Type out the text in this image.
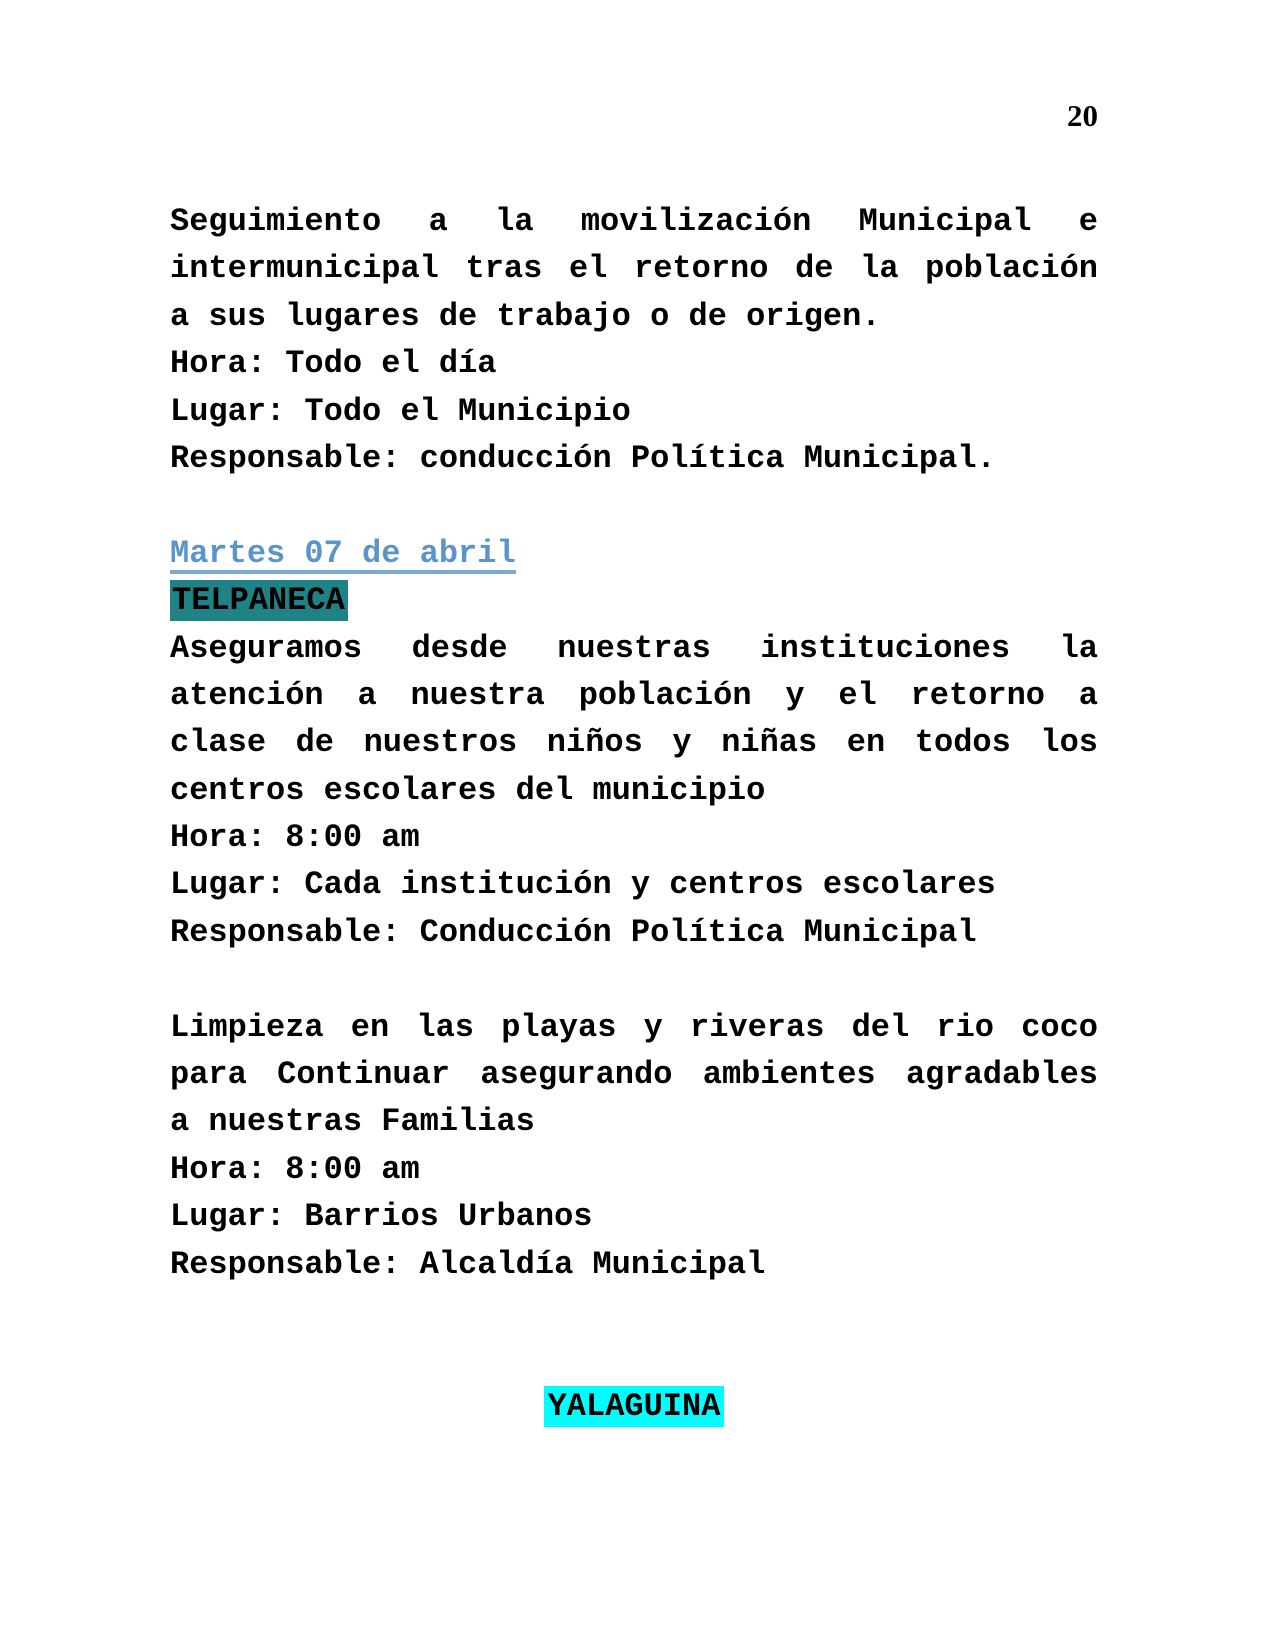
20
Seguimiento a la movilización Municipal e
intermunicipal tras el retorno de la población
a sus lugares de trabajo o de origen.
Hora: Todo el día
Lugar: Todo el Municipio
Responsable: conducción Política Municipal.
Martes 07 de abril
TELPANECA
Aseguramos desde nuestras instituciones la
atención a nuestra población y el retorno a
clase de nuestros niños y niñas en todos los
centros escolares del municipio
Hora: 8:00 am
Lugar: Cada institución y centros escolares
Responsable: Conducción Política Municipal
Limpieza en las playas y riveras del rio coco
para Continuar asegurando ambientes agradables
a nuestras Familias
Hora: 8:00 am
Lugar: Barrios Urbanos
Responsable: Alcaldía Municipal
YALAGUINA
